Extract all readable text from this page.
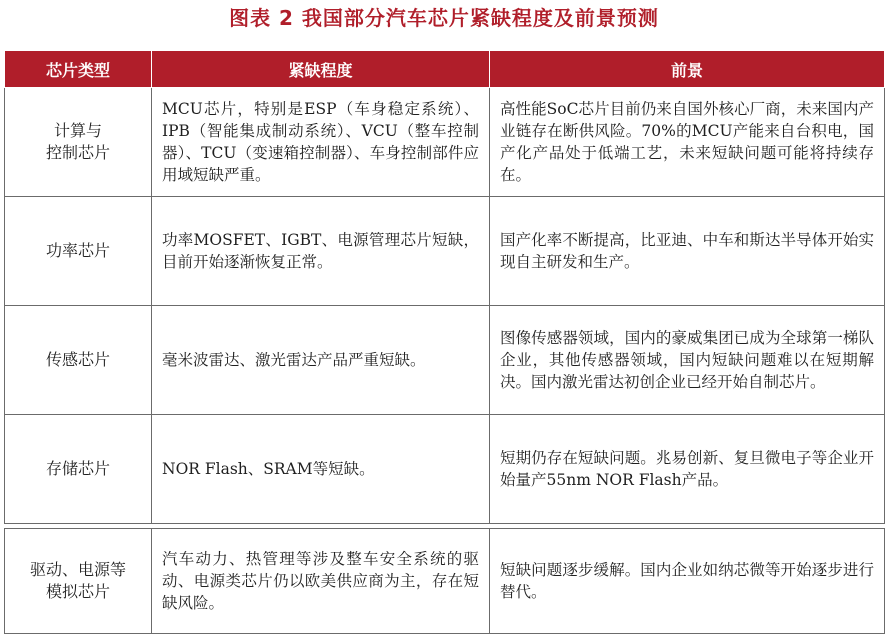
图表 2 我国部分汽车芯片紧缺程度及前景预测
芯片类型	紧缺程度	前景

计算与
控制芯片	MCU芯片，特别是ESP（车身稳定系统）、IPB（智能集成制动系统）、VCU（整车控制器）、TCU（变速箱控制器）、车身控制部件应用域短缺严重。	高性能SoC芯片目前仍来自国外核心厂商，未来国内产业链存在断供风险。70%的MCU产能来自台积电，国产化产品处于低端工艺，未来短缺问题可能将持续存在。

功率芯片	功率MOSFET、IGBT、电源管理芯片短缺，目前开始逐渐恢复正常。	国产化率不断提高，比亚迪、中车和斯达半导体开始实现自主研发和生产。

传感芯片	毫米波雷达、激光雷达产品严重短缺。	图像传感器领域，国内的豪威集团已成为全球第一梯队企业，其他传感器领域，国内短缺问题难以在短期解决。国内激光雷达初创企业已经开始自制芯片。

存储芯片	NOR Flash、SRAM等短缺。	短期仍存在短缺问题。兆易创新、复旦微电子等企业开始量产55nm NOR Flash产品。

驱动、电源等
模拟芯片	汽车动力、热管理等涉及整车安全系统的驱动、电源类芯片仍以欧美供应商为主，存在短缺风险。	短缺问题逐步缓解。国内企业如纳芯微等开始逐步进行替代。
